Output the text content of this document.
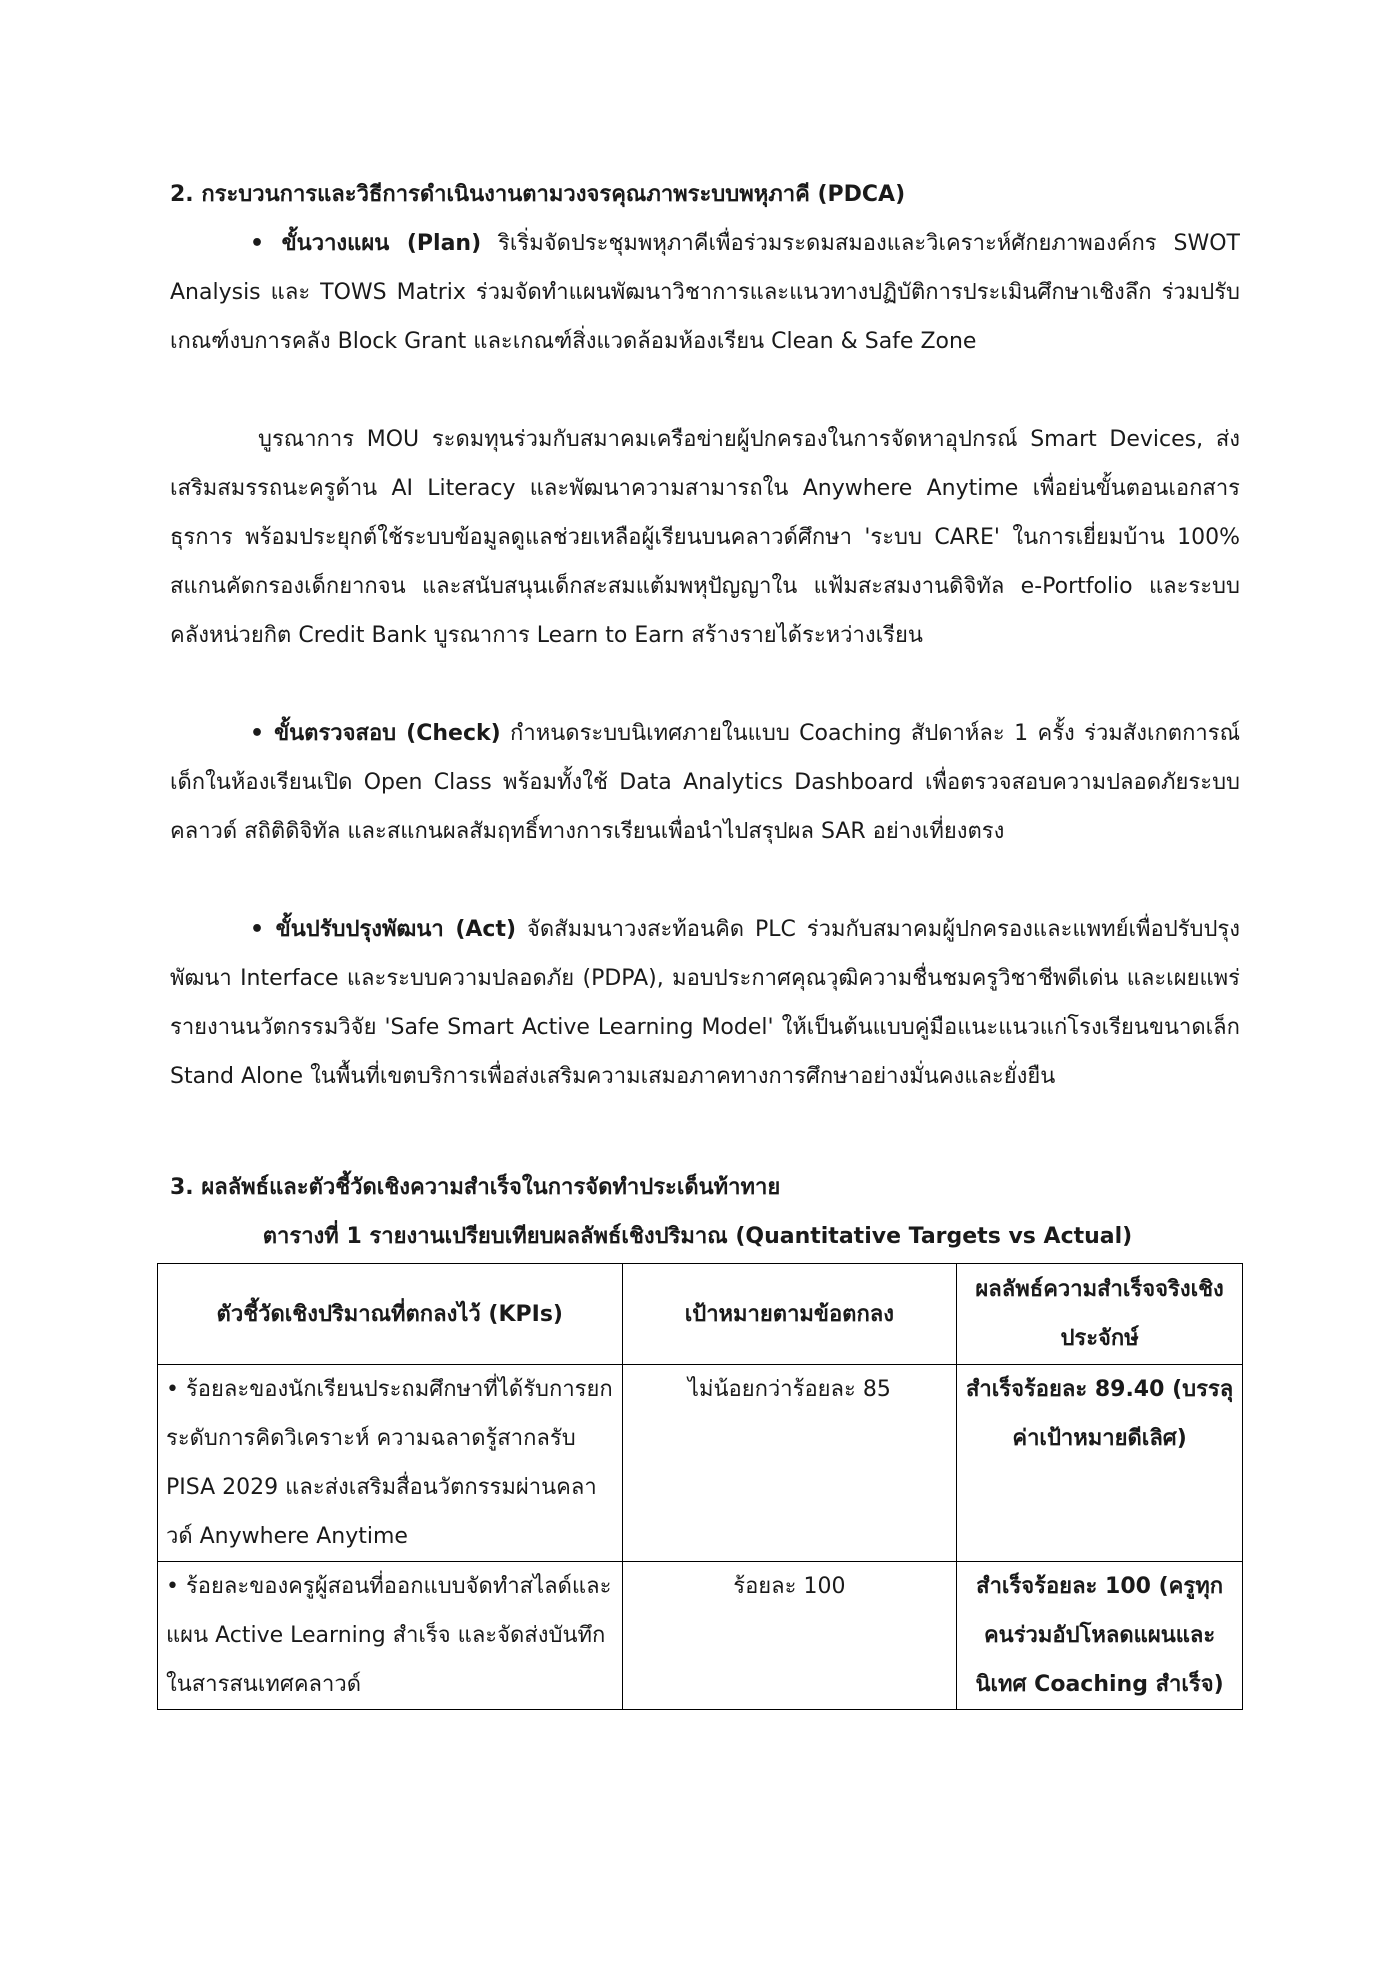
2. กระบวนการและวิธีการดำเนินงานตามวงจรคุณภาพระบบพหุภาคี (PDCA)

• ขั้นวางแผน (Plan) ริเริ่มจัดประชุมพหุภาคีเพื่อร่วมระดมสมองและวิเคราะห์ศักยภาพองค์กร SWOT Analysis และ TOWS Matrix ร่วมจัดทำแผนพัฒนาวิชาการและแนวทางปฏิบัติการประเมินศึกษาเชิงลึก ร่วมปรับเกณฑ์งบการคลัง Block Grant และเกณฑ์สิ่งแวดล้อมห้องเรียน Clean & Safe Zone

บูรณาการ MOU ระดมทุนร่วมกับสมาคมเครือข่ายผู้ปกครองในการจัดหาอุปกรณ์ Smart Devices, ส่งเสริมสมรรถนะครูด้าน AI Literacy และพัฒนาความสามารถใน Anywhere Anytime เพื่อย่นขั้นตอนเอกสารธุรการ พร้อมประยุกต์ใช้ระบบข้อมูลดูแลช่วยเหลือผู้เรียนบนคลาวด์ศึกษา 'ระบบ CARE' ในการเยี่ยมบ้าน 100% สแกนคัดกรองเด็กยากจน และสนับสนุนเด็กสะสมแต้มพหุปัญญาใน แฟ้มสะสมงานดิจิทัล e-Portfolio และระบบคลังหน่วยกิต Credit Bank บูรณาการ Learn to Earn สร้างรายได้ระหว่างเรียน

• ขั้นตรวจสอบ (Check) กำหนดระบบนิเทศภายในแบบ Coaching สัปดาห์ละ 1 ครั้ง ร่วมสังเกตการณ์เด็กในห้องเรียนเปิด Open Class พร้อมทั้งใช้ Data Analytics Dashboard เพื่อตรวจสอบความปลอดภัยระบบคลาวด์ สถิติดิจิทัล และสแกนผลสัมฤทธิ์ทางการเรียนเพื่อนำไปสรุปผล SAR อย่างเที่ยงตรง

• ขั้นปรับปรุงพัฒนา (Act) จัดสัมมนาวงสะท้อนคิด PLC ร่วมกับสมาคมผู้ปกครองและแพทย์เพื่อปรับปรุงพัฒนา Interface และระบบความปลอดภัย (PDPA), มอบประกาศคุณวุฒิความชื่นชมครูวิชาชีพดีเด่น และเผยแพร่รายงานนวัตกรรมวิจัย 'Safe Smart Active Learning Model' ให้เป็นต้นแบบคู่มือแนะแนวแก่โรงเรียนขนาดเล็ก Stand Alone ในพื้นที่เขตบริการเพื่อส่งเสริมความเสมอภาคทางการศึกษาอย่างมั่นคงและยั่งยืน

3. ผลลัพธ์และตัวชี้วัดเชิงความสำเร็จในการจัดทำประเด็นท้าทาย

ตารางที่ 1 รายงานเปรียบเทียบผลลัพธ์เชิงปริมาณ (Quantitative Targets vs Actual)

ตัวชี้วัดเชิงปริมาณที่ตกลงไว้ (KPIs)	เป้าหมายตามข้อตกลง	ผลลัพธ์ความสำเร็จจริงเชิงประจักษ์
• ร้อยละของนักเรียนประถมศึกษาที่ได้รับการยกระดับการคิดวิเคราะห์ ความฉลาดรู้สากลรับ PISA 2029 และส่งเสริมสื่อนวัตกรรมผ่านคลาวด์ Anywhere Anytime	ไม่น้อยกว่าร้อยละ 85	สำเร็จร้อยละ 89.40 (บรรลุค่าเป้าหมายดีเลิศ)
• ร้อยละของครูผู้สอนที่ออกแบบจัดทำสไลด์และแผน Active Learning สำเร็จ และจัดส่งบันทึกในสารสนเทศคลาวด์	ร้อยละ 100	สำเร็จร้อยละ 100 (ครูทุกคนร่วมอัปโหลดแผนและนิเทศ Coaching สำเร็จ)
